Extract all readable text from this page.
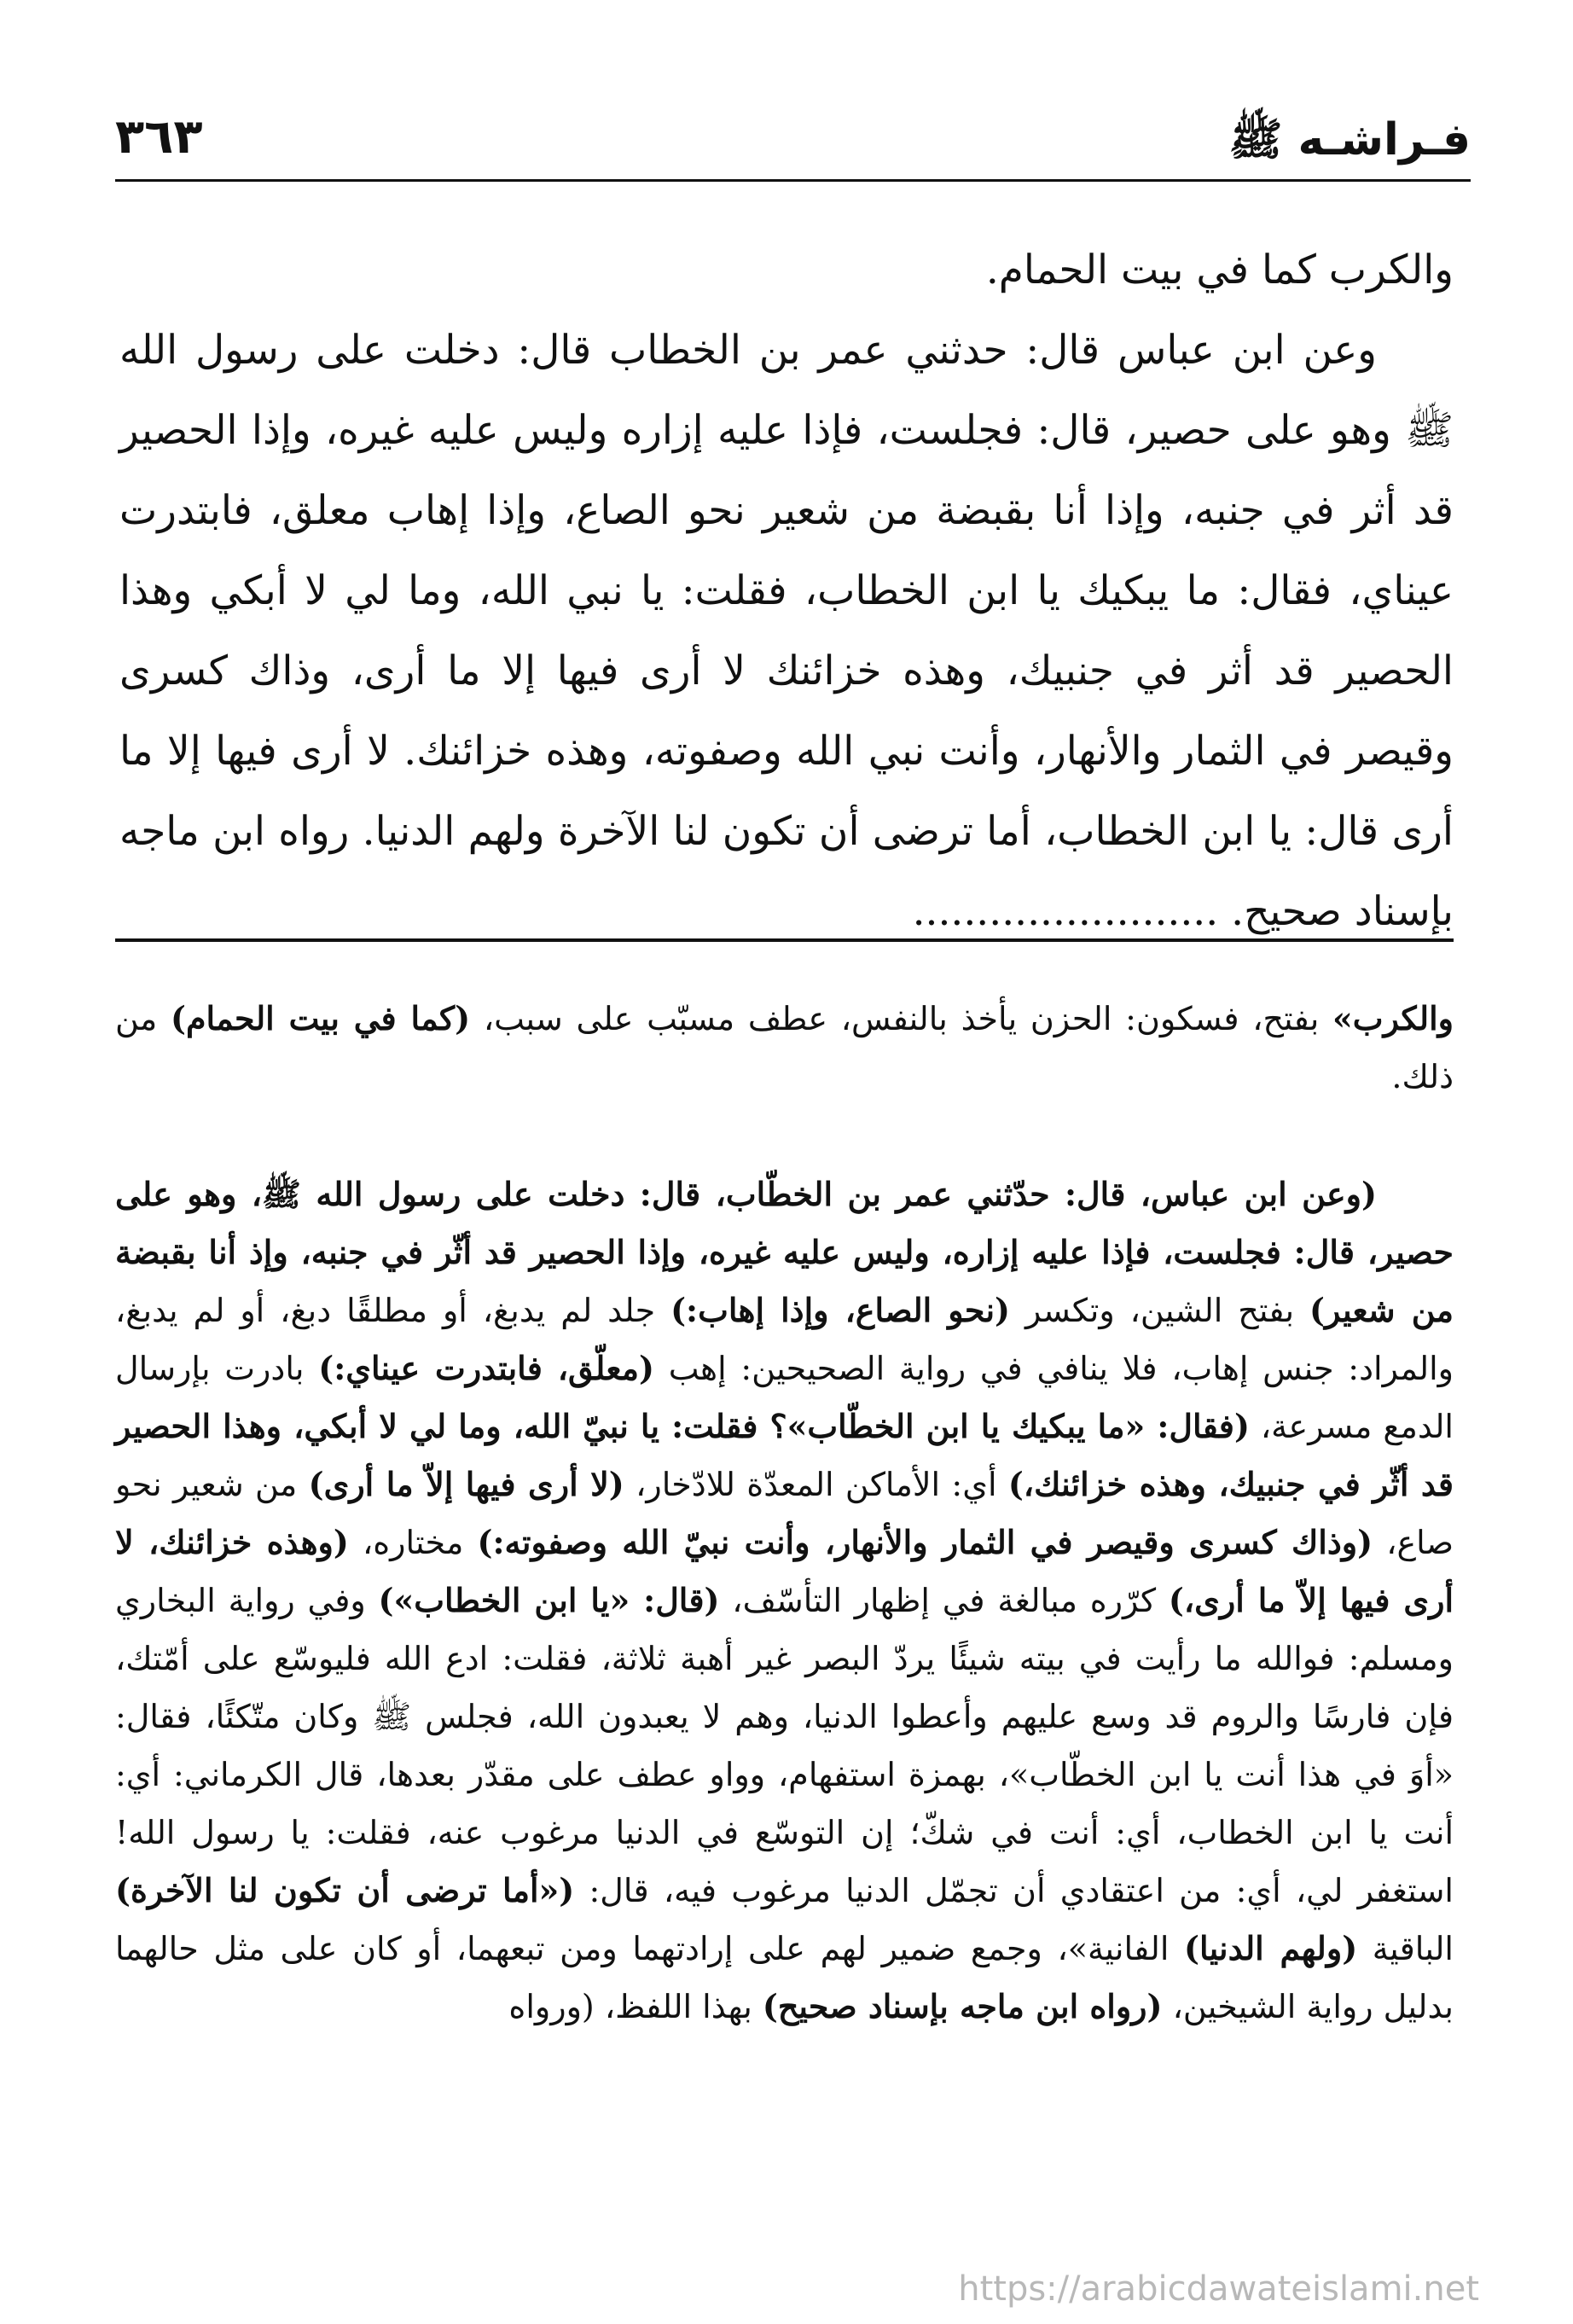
فـراشـه ﷺ
٣٦٣

والكرب كما في بيت الحمام.

وعن ابن عباس قال: حدثني عمر بن الخطاب قال: دخلت على رسول الله ﷺ وهو على حصير، قال: فجلست، فإذا عليه إزاره وليس عليه غيره، وإذا الحصير قد أثر في جنبه، وإذا أنا بقبضة من شعير نحو الصاع، وإذا إهاب معلق، فابتدرت عيناي، فقال: ما يبكيك يا ابن الخطاب، فقلت: يا نبي الله، وما لي لا أبكي وهذا الحصير قد أثر في جنبيك، وهذه خزائنك لا أرى فيها إلا ما أرى، وذاك كسرى وقيصر في الثمار والأنهار، وأنت نبي الله وصفوته، وهذه خزائنك. لا أرى فيها إلا ما أرى قال: يا ابن الخطاب، أما ترضى أن تكون لنا الآخرة ولهم الدنيا. رواه ابن ماجه بإسناد صحيح. ........................

والكرب» بفتح، فسكون: الحزن يأخذ بالنفس، عطف مسبّب على سبب، (كما في بيت الحمام) من ذلك.

(وعن ابن عباس، قال: حدّثني عمر بن الخطّاب، قال: دخلت على رسول الله ﷺ، وهو على حصير، قال: فجلست، فإذا عليه إزاره، وليس عليه غيره، وإذا الحصير قد أثّر في جنبه، وإذ أنا بقبضة من شعير) بفتح الشين، وتكسر (نحو الصاع، وإذا إهاب:) جلد لم يدبغ، أو مطلقًا دبغ، أو لم يدبغ، والمراد: جنس إهاب، فلا ينافي في رواية الصحيحين: إهب (معلّق، فابتدرت عيناي:) بادرت بإرسال الدمع مسرعة، (فقال: «ما يبكيك يا ابن الخطّاب»؟ فقلت: يا نبيّ الله، وما لي لا أبكي، وهذا الحصير قد أثّر في جنبيك، وهذه خزائنك،) أي: الأماكن المعدّة للادّخار، (لا أرى فيها إلاّ ما أرى) من شعير نحو صاع، (وذاك كسرى وقيصر في الثمار والأنهار، وأنت نبيّ الله وصفوته:) مختاره، (وهذه خزائنك، لا أرى فيها إلاّ ما أرى،) كرّره مبالغة في إظهار التأسّف، (قال: «يا ابن الخطاب») وفي رواية البخاري ومسلم: فوالله ما رأيت في بيته شيئًا يردّ البصر غير أهبة ثلاثة، فقلت: ادع الله فليوسّع على أمّتك، فإن فارسًا والروم قد وسع عليهم وأعطوا الدنيا، وهم لا يعبدون الله، فجلس ﷺ وكان متّكئًا، فقال: «أوَ في هذا أنت يا ابن الخطّاب»، بهمزة استفهام، وواو عطف على مقدّر بعدها، قال الكرماني: أي: أنت يا ابن الخطاب، أي: أنت في شكّ؛ إن التوسّع في الدنيا مرغوب عنه، فقلت: يا رسول الله! استغفر لي، أي: من اعتقادي أن تجمّل الدنيا مرغوب فيه، قال: («أما ترضى أن تكون لنا الآخرة) الباقية (ولهم الدنيا) الفانية»، وجمع ضمير لهم على إرادتهما ومن تبعهما، أو كان على مثل حالهما بدليل رواية الشيخين، (رواه ابن ماجه بإسناد صحيح) بهذا اللفظ، (ورواه

https://arabicdawateislami.net
